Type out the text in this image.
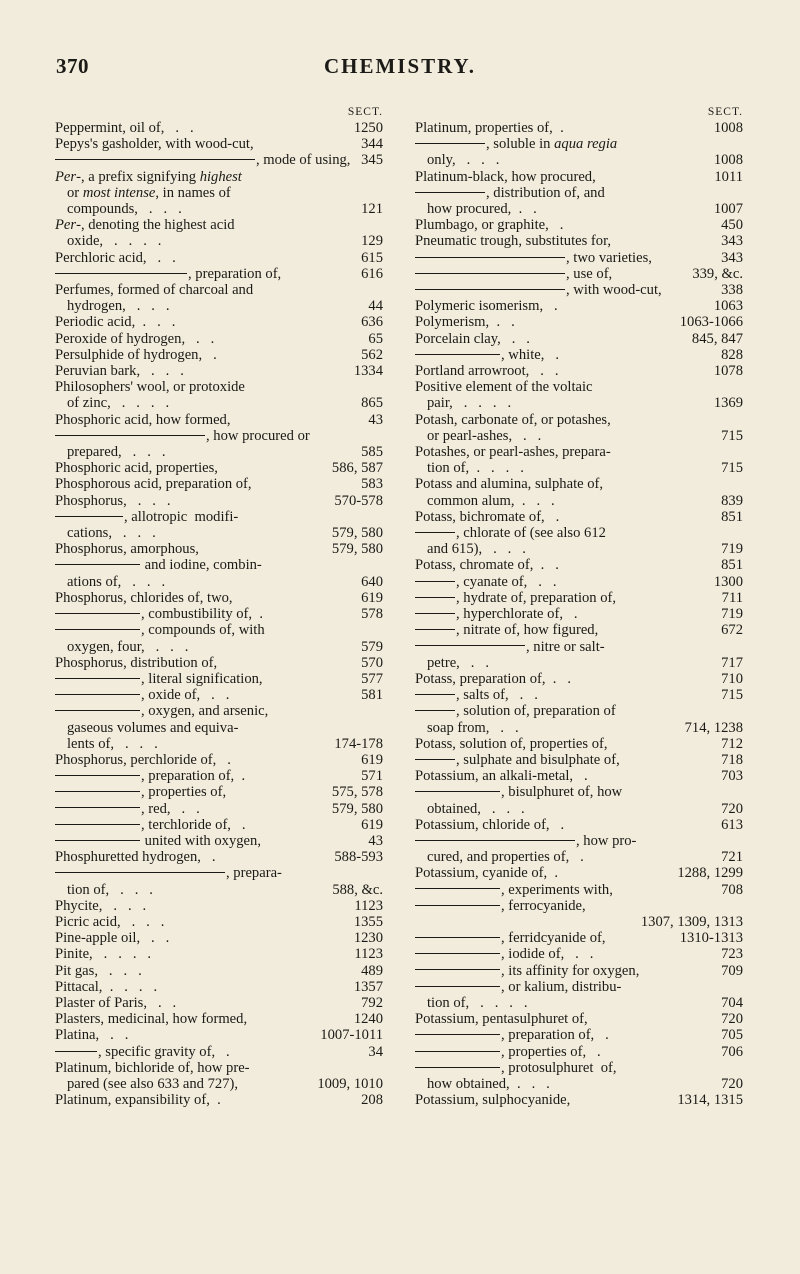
370	CHEMISTRY.
SECT.
Peppermint, oil of,   .   .	1250
Pepys's gasholder, with wood-cut,	344
, mode of using, 345
Per-, a prefix signifying highest
or most intense, in names of
compounds,   .   .   .	121
Per-, denoting the highest acid
oxide,   .   .   .   .	129
Perchloric acid,   .   .	615
, preparation of,	616
Perfumes, formed of charcoal and
hydrogen,   .   .   .	44
Periodic acid,  .   .   .	636
Peroxide of hydrogen,   .   .	65
Persulphide of hydrogen,   .	562
Peruvian bark,   .   .   .	1334
Philosophers' wool, or protoxide
of zinc,   .   .   .   .	865
Phosphoric acid, how formed,	43
, how procured or
prepared,   .   .   .	585
Phosphoric acid, properties,	586, 587
Phosphorous acid, preparation of,	583
Phosphorus,   .   .   .	570-578
, allotropic  modifi-
cations,   .   .   .	579, 580
Phosphorus, amorphous,	579, 580
and iodine, combin-
ations of,   .   .   .	640
Phosphorus, chlorides of, two,	619
, combustibility of,  .	578
, compounds of, with
oxygen, four,   .   .   .	579
Phosphorus, distribution of,	570
, literal signification,	577
, oxide of,   .   .	581
, oxygen, and arsenic,
gaseous volumes and equiva-
lents of,   .   .   .	174-178
Phosphorus, perchloride of,   .	619
, preparation of,  .	571
, properties of,	575, 578
, red,   .   .	579, 580
, terchloride of,   .	619
united with oxygen,	43
Phosphuretted hydrogen,   .	588-593
, prepara-
tion of,   .   .   .	588, &c.
Phycite,   .   .   .	1123
Picric acid,   .   .   .	1355
Pine-apple oil,   .   .	1230
Pinite,   .   .   .   .	1123
Pit gas,   .   .   .	489
Pittacal,  .   .   .   .	1357
Plaster of Paris,   .   .	792
Plasters, medicinal, how formed,	1240
Platina,   .   .	1007-1011
, specific gravity of,   .	34
Platinum, bichloride of, how pre-
pared (see also 633 and 727),	1009, 1010
Platinum, expansibility of,  .	208
SECT.
Platinum, properties of,  .	1008
, soluble in aqua regia
only,   .   .   .	1008
Platinum-black, how procured,	1011
, distribution of, and
how procured,  .   .	1007
Plumbago, or graphite,   .	450
Pneumatic trough, substitutes for,	343
, two varieties,	343
, use of,	339, &c.
, with wood-cut,	338
Polymeric isomerism,   .	1063
Polymerism,  .   .	1063-1066
Porcelain clay,   .   .	845, 847
, white,   .	828
Portland arrowroot,   .   .	1078
Positive element of the voltaic
pair,   .   .   .   .	1369
Potash, carbonate of, or potashes,
or pearl-ashes,   .   .	715
Potashes, or pearl-ashes, prepara-
tion of,  .   .   .   .	715
Potass and alumina, sulphate of,
common alum,  .   .   .	839
Potass, bichromate of,   .	851
, chlorate of (see also 612
and 615),   .   .   .	719
Potass, chromate of,  .   .	851
, cyanate of,   .   .	1300
, hydrate of, preparation of,	711
, hyperchlorate of,   .	719
, nitrate of, how figured,	672
, nitre or salt-
petre,   .   .	717
Potass, preparation of,  .   .	710
, salts of,   .   .	715
, solution of, preparation of
soap from,   .   .	714, 1238
Potass, solution of, properties of,	712
, sulphate and bisulphate of,	718
Potassium, an alkali-metal,   .	703
, bisulphuret of, how
obtained,   .   .   .	720
Potassium, chloride of,   .	613
, how pro-
cured, and properties of,   .	721
Potassium, cyanide of,  .	1288, 1299
, experiments with,	708
, ferrocyanide,
1307, 1309, 1313
, ferridcyanide of,	1310-1313
, iodide of,   .   .	723
, its affinity for oxygen,	709
, or kalium, distribu-
tion of,   .   .   .   .	704
Potassium, pentasulphuret of,	720
, preparation of,   .	705
, properties of,   .	706
, protosulphuret  of,
how obtained,  .   .   .	720
Potassium, sulphocyanide,	1314, 1315
